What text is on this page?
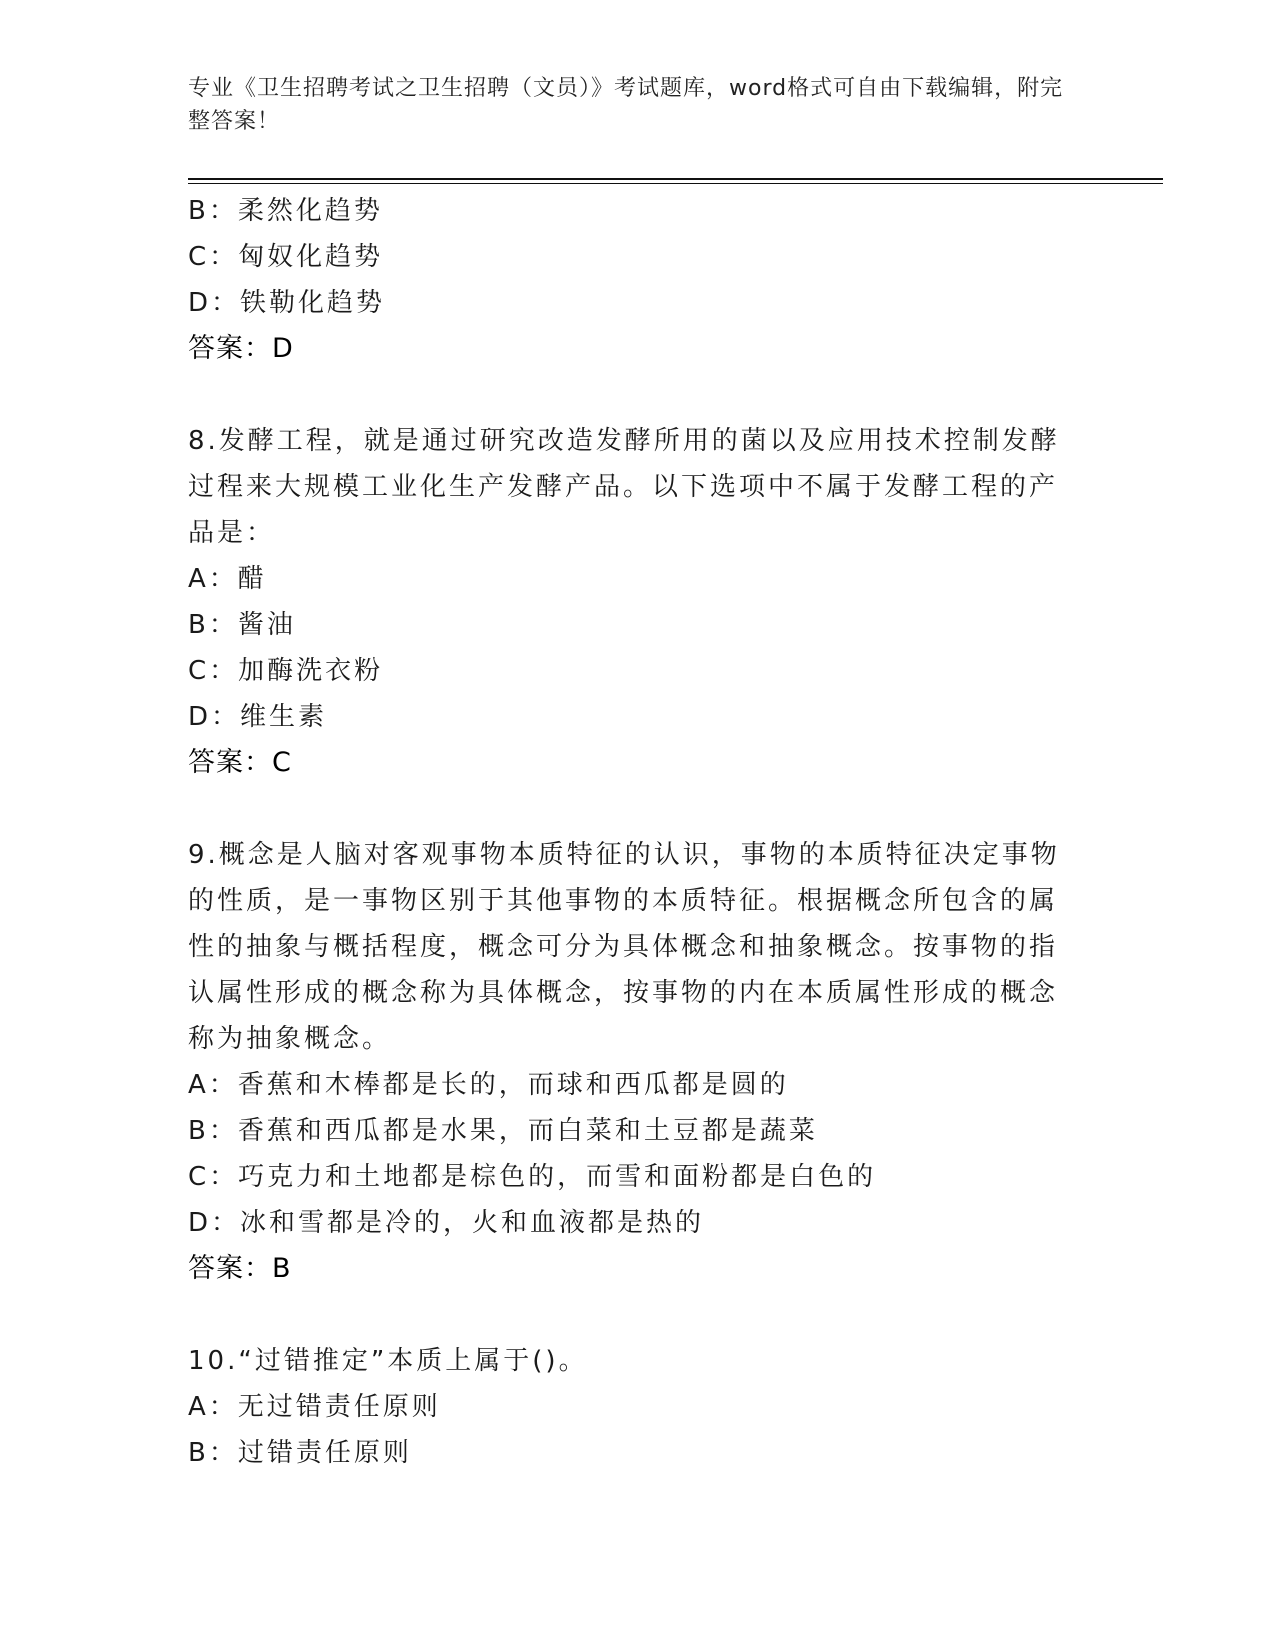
专业《卫生招聘考试之卫生招聘（文员）》考试题库，word格式可自由下载编辑，附完整答案！
B：柔然化趋势
C：匈奴化趋势
D：铁勒化趋势
答案：D
8.发酵工程，就是通过研究改造发酵所用的菌以及应用技术控制发酵过程来大规模工业化生产发酵产品。以下选项中不属于发酵工程的产品是：
A：醋
B：酱油
C：加酶洗衣粉
D：维生素
答案：C
9.概念是人脑对客观事物本质特征的认识，事物的本质特征决定事物的性质，是一事物区别于其他事物的本质特征。根据概念所包含的属性的抽象与概括程度，概念可分为具体概念和抽象概念。按事物的指认属性形成的概念称为具体概念，按事物的内在本质属性形成的概念称为抽象概念。
A：香蕉和木棒都是长的，而球和西瓜都是圆的
B：香蕉和西瓜都是水果，而白菜和土豆都是蔬菜
C：巧克力和土地都是棕色的，而雪和面粉都是白色的
D：冰和雪都是冷的，火和血液都是热的
答案：B
10.“过错推定”本质上属于()。
A：无过错责任原则
B：过错责任原则
